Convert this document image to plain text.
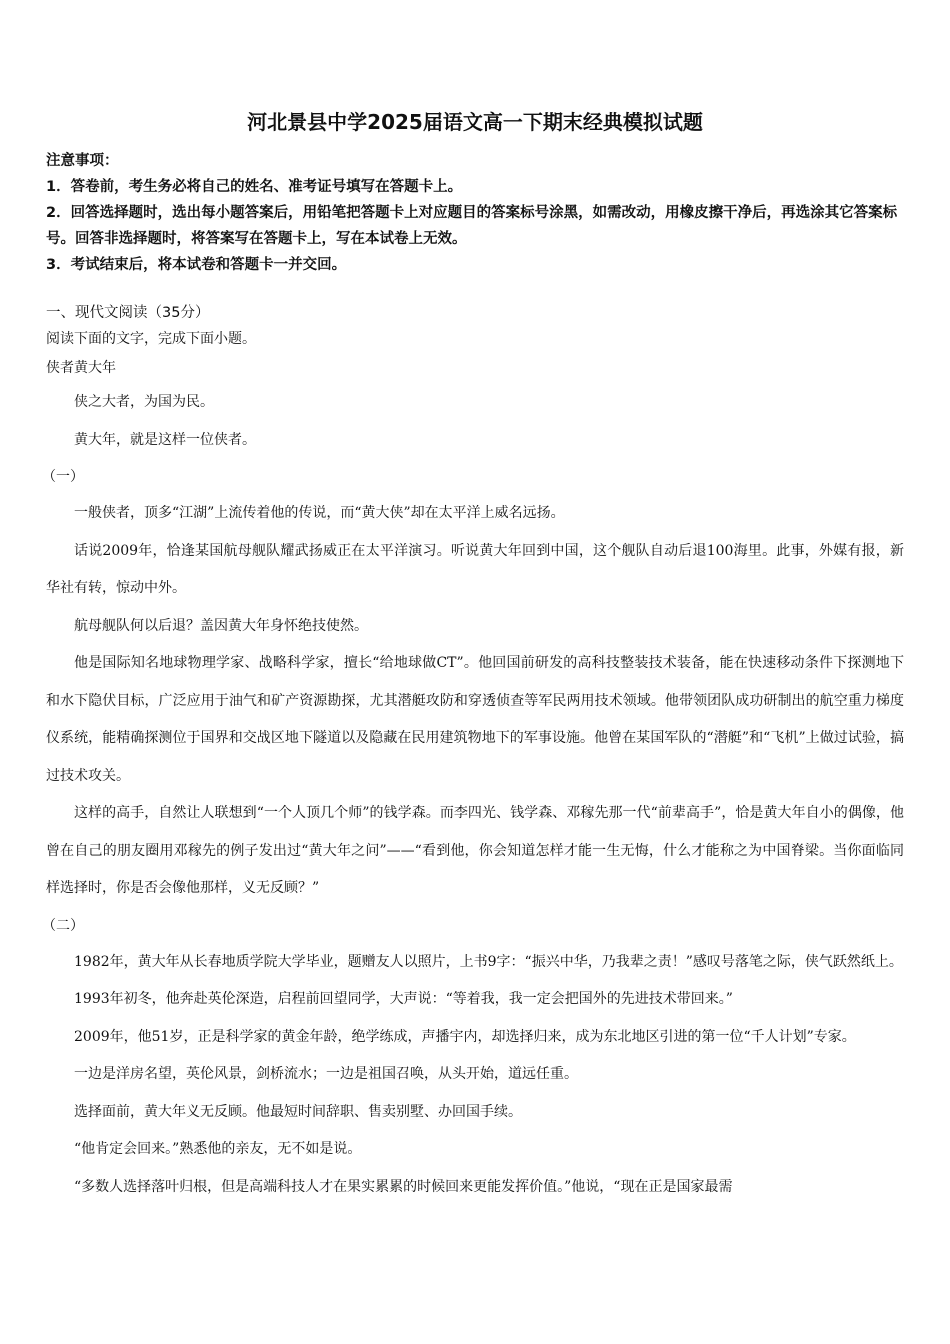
河北景县中学2025届语文高一下期末经典模拟试题

注意事项：

1．答卷前，考生务必将自己的姓名、准考证号填写在答题卡上。

2．回答选择题时，选出每小题答案后，用铅笔把答题卡上对应题目的答案标号涂黑，如需改动，用橡皮擦干净后，再选涂其它答案标号。回答非选择题时，将答案写在答题卡上，写在本试卷上无效。

3．考试结束后，将本试卷和答题卡一并交回。

一、现代文阅读（35分）

阅读下面的文字，完成下面小题。

侠者黄大年

侠之大者，为国为民。

黄大年，就是这样一位侠者。

（一）

一般侠者，顶多“江湖”上流传着他的传说，而“黄大侠”却在太平洋上威名远扬。

话说2009年，恰逢某国航母舰队耀武扬威正在太平洋演习。听说黄大年回到中国，这个舰队自动后退100海里。此事，外媒有报，新华社有转，惊动中外。

航母舰队何以后退？盖因黄大年身怀绝技使然。

他是国际知名地球物理学家、战略科学家，擅长“给地球做CT”。他回国前研发的高科技整装技术装备，能在快速移动条件下探测地下和水下隐伏目标，广泛应用于油气和矿产资源勘探，尤其潜艇攻防和穿透侦查等军民两用技术领域。他带领团队成功研制出的航空重力梯度仪系统，能精确探测位于国界和交战区地下隧道以及隐藏在民用建筑物地下的军事设施。他曾在某国军队的“潜艇”和“飞机”上做过试验，搞过技术攻关。

这样的高手，自然让人联想到“一个人顶几个师”的钱学森。而李四光、钱学森、邓稼先那一代“前辈高手”，恰是黄大年自小的偶像，他曾在自己的朋友圈用邓稼先的例子发出过“黄大年之问”——“看到他，你会知道怎样才能一生无悔，什么才能称之为中国脊梁。当你面临同样选择时，你是否会像他那样，义无反顾？”

（二）

1982年，黄大年从长春地质学院大学毕业，题赠友人以照片，上书9字：“振兴中华，乃我辈之责！”感叹号落笔之际，侠气跃然纸上。

1993年初冬，他奔赴英伦深造，启程前回望同学，大声说：“等着我，我一定会把国外的先进技术带回来。”

2009年，他51岁，正是科学家的黄金年龄，绝学练成，声播宇内，却选择归来，成为东北地区引进的第一位“千人计划”专家。

一边是洋房名望，英伦风景，剑桥流水；一边是祖国召唤，从头开始，道远任重。

选择面前，黄大年义无反顾。他最短时间辞职、售卖别墅、办回国手续。

“他肯定会回来。”熟悉他的亲友，无不如是说。

“多数人选择落叶归根，但是高端科技人才在果实累累的时候回来更能发挥价值。”他说，“现在正是国家最需
